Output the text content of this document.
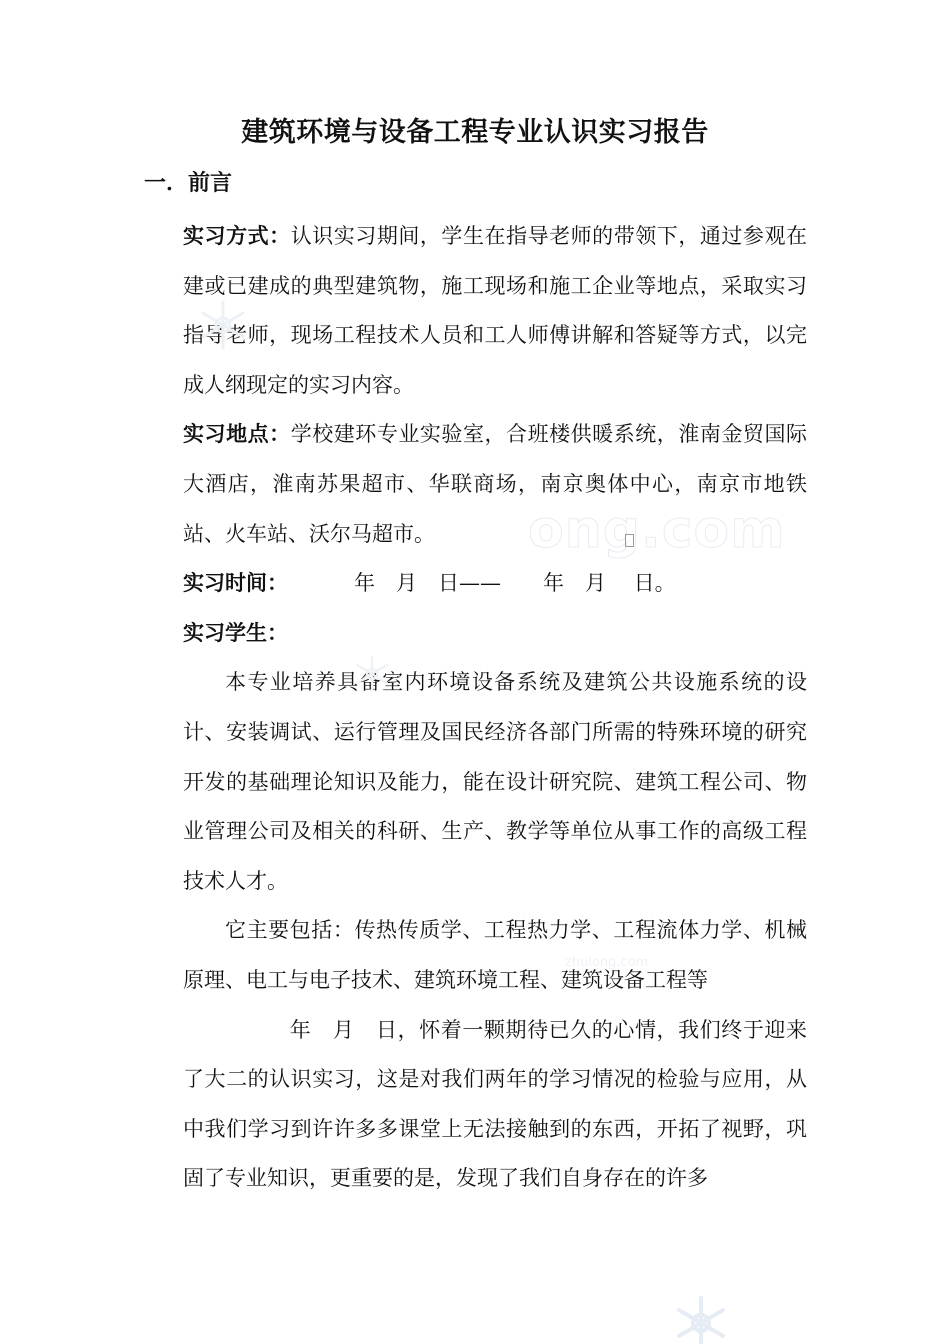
建筑环境与设备工程专业认识实习报告
一．前言

实习方式：认识实习期间，学生在指导老师的带领下，通过参观在建或已建成的典型建筑物，施工现场和施工企业等地点，采取实习指导老师，现场工程技术人员和工人师傅讲解和答疑等方式，以完成人纲现定的实习内容。

实习地点：学校建环专业实验室，合班楼供暖系统，淮南金贸国际大酒店，淮南苏果超市、华联商场，南京奥体中心，南京市地铁站、火车站、沃尔马超市。

实习时间：	年　月　日——　　年　月　 日。

实习学生：

本专业培养具备室内环境设备系统及建筑公共设施系统的设计、安装调试、运行管理及国民经济各部门所需的特殊环境的研究开发的基础理论知识及能力，能在设计研究院、建筑工程公司、物业管理公司及相关的科研、生产、教学等单位从事工作的高级工程技术人才。

它主要包括：传热传质学、工程热力学、工程流体力学、机械原理、电工与电子技术、建筑环境工程、建筑设备工程等

　　　年　月　日，怀着一颗期待已久的心情，我们终于迎来了大二的认识实习，这是对我们两年的学习情况的检验与应用，从中我们学习到许许多多课堂上无法接触到的东西，开拓了视野，巩固了专业知识，更重要的是，发现了我们自身存在的许多

ong.com
zhulong.com
